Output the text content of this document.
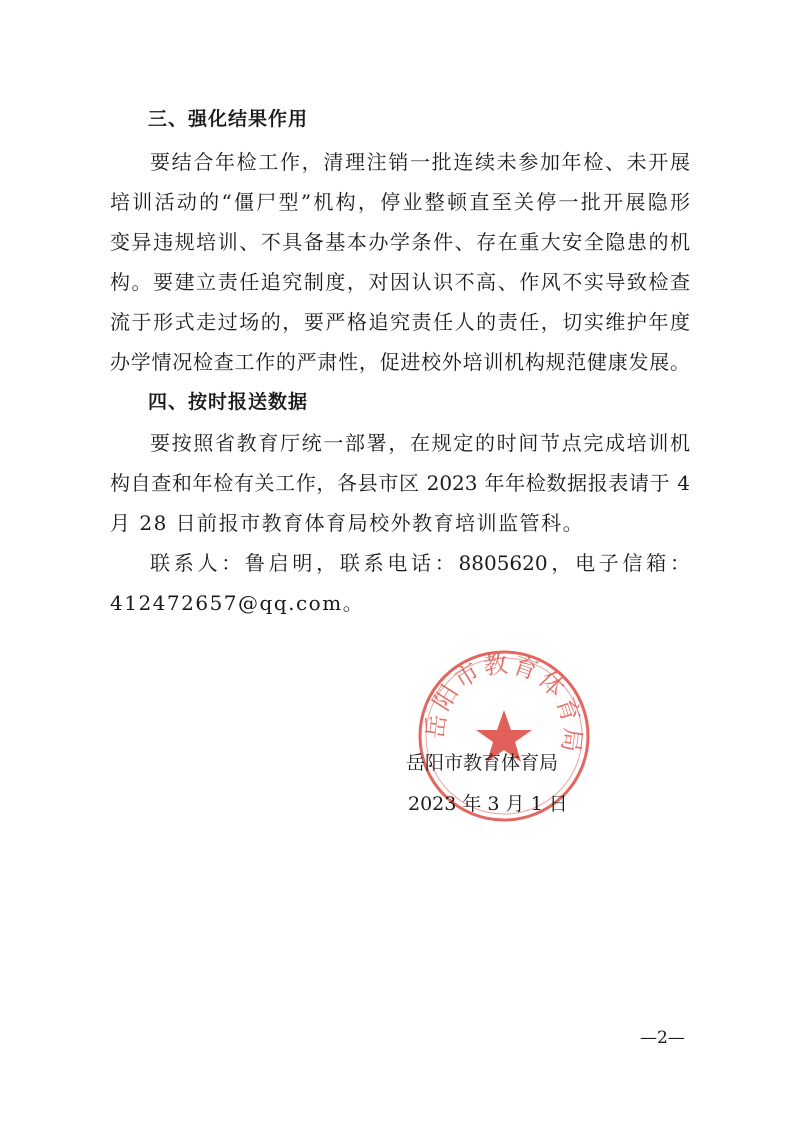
三、强化结果作用
要结合年检工作，清理注销一批连续未参加年检、未开展
培训活动的“僵尸型”机构，停业整顿直至关停一批开展隐形
变异违规培训、不具备基本办学条件、存在重大安全隐患的机
构。要建立责任追究制度，对因认识不高、作风不实导致检查
流于形式走过场的，要严格追究责任人的责任，切实维护年度
办学情况检查工作的严肃性，促进校外培训机构规范健康发展。
四、按时报送数据
要按照省教育厅统一部署，在规定的时间节点完成培训机
构自查和年检有关工作，各县市区 2023 年年检数据报表请于 4
月 28 日前报市教育体育局校外教育培训监管科。
联系人：鲁启明，联系电话：8805620，电子信箱：
412472657@qq.com。
岳阳市教育体育局
岳阳市教育体育局
2023 年 3 月 1 日
—2—
